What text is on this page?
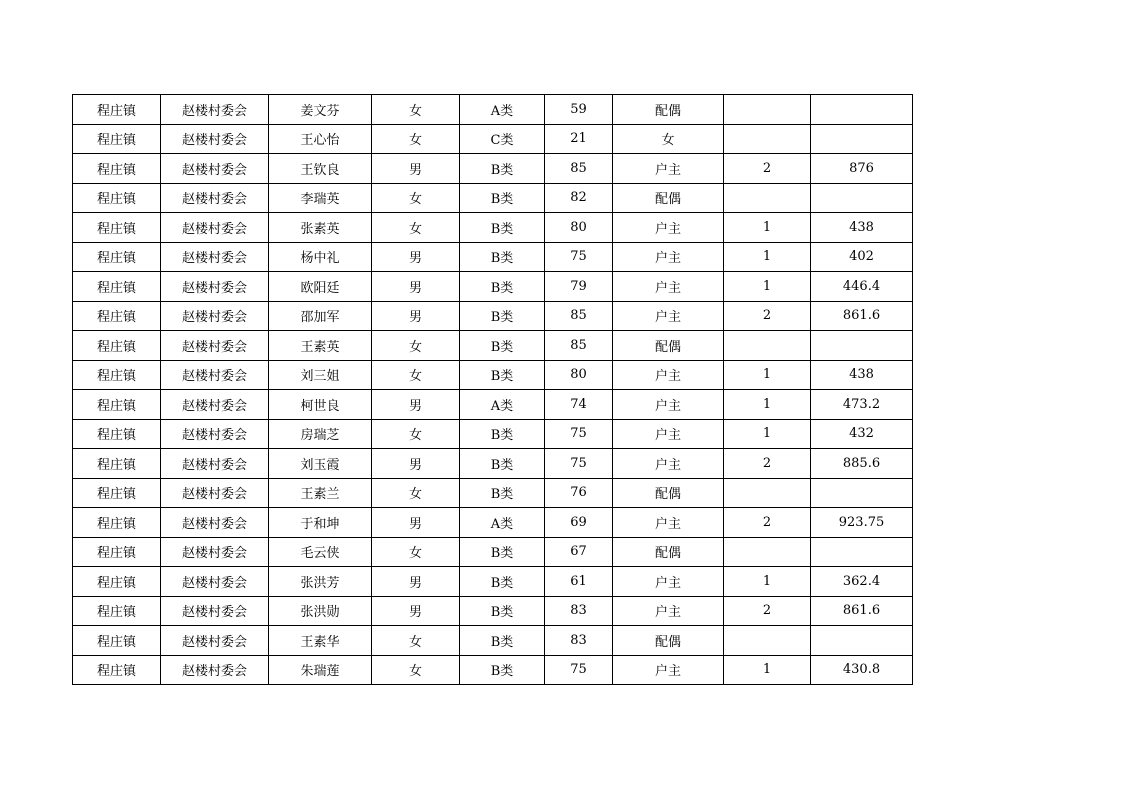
程庄镇	赵楼村委会	姜文芬	女	A类	59	配偶		
程庄镇	赵楼村委会	王心怡	女	C类	21	女		
程庄镇	赵楼村委会	王钦良	男	B类	85	户主	2	876
程庄镇	赵楼村委会	李瑞英	女	B类	82	配偶		
程庄镇	赵楼村委会	张素英	女	B类	80	户主	1	438
程庄镇	赵楼村委会	杨中礼	男	B类	75	户主	1	402
程庄镇	赵楼村委会	欧阳廷	男	B类	79	户主	1	446.4
程庄镇	赵楼村委会	邵加军	男	B类	85	户主	2	861.6
程庄镇	赵楼村委会	王素英	女	B类	85	配偶		
程庄镇	赵楼村委会	刘三姐	女	B类	80	户主	1	438
程庄镇	赵楼村委会	柯世良	男	A类	74	户主	1	473.2
程庄镇	赵楼村委会	房瑞芝	女	B类	75	户主	1	432
程庄镇	赵楼村委会	刘玉霞	男	B类	75	户主	2	885.6
程庄镇	赵楼村委会	王素兰	女	B类	76	配偶		
程庄镇	赵楼村委会	于和坤	男	A类	69	户主	2	923.75
程庄镇	赵楼村委会	毛云侠	女	B类	67	配偶		
程庄镇	赵楼村委会	张洪芳	男	B类	61	户主	1	362.4
程庄镇	赵楼村委会	张洪勋	男	B类	83	户主	2	861.6
程庄镇	赵楼村委会	王素华	女	B类	83	配偶		
程庄镇	赵楼村委会	朱瑞莲	女	B类	75	户主	1	430.8
